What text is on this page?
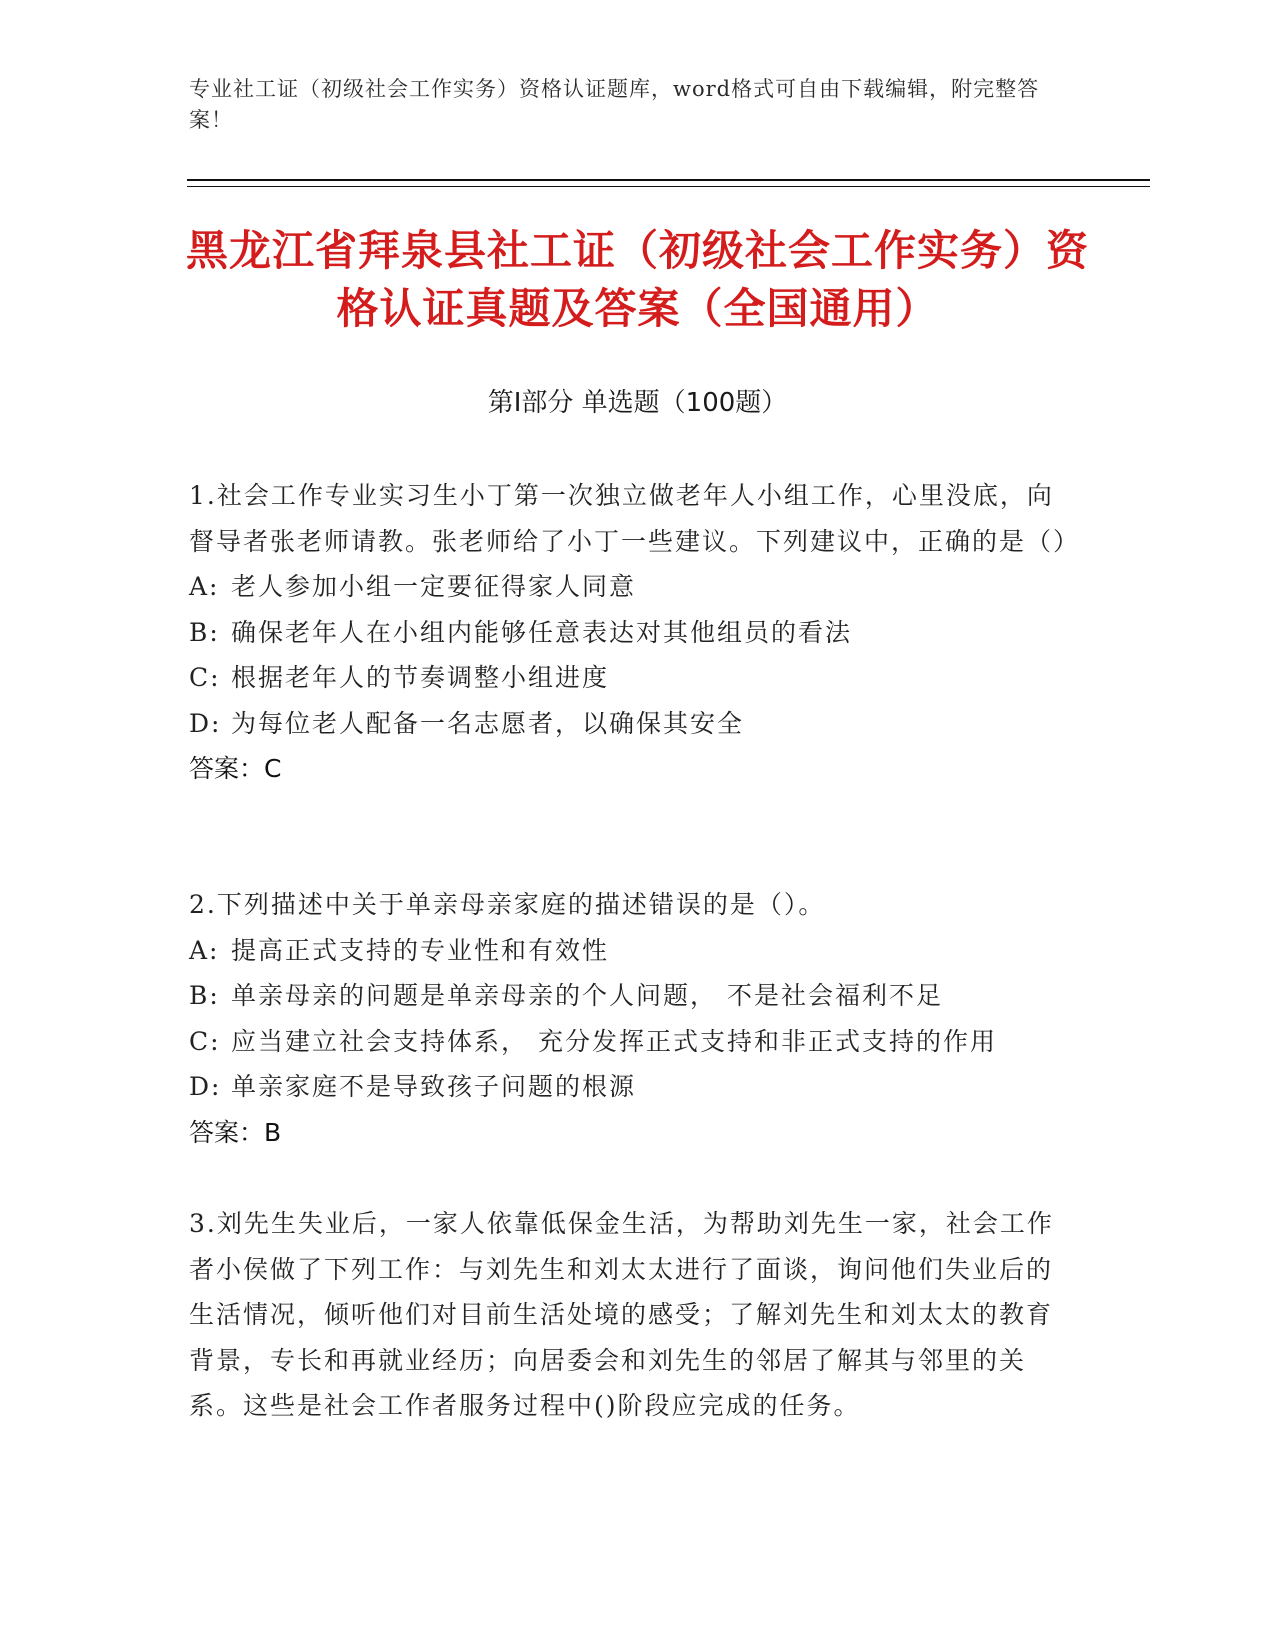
专业社工证（初级社会工作实务）资格认证题库，word格式可自由下载编辑，附完整答案！
黑龙江省拜泉县社工证（初级社会工作实务）资格认证真题及答案（全国通用）
第Ⅰ部分 单选题（100题）
1.社会工作专业实习生小丁第一次独立做老年人小组工作，心里没底，向督导者张老师请教。张老师给了小丁一些建议。下列建议中，正确的是（）
A: 老人参加小组一定要征得家人同意
B: 确保老年人在小组内能够任意表达对其他组员的看法
C: 根据老年人的节奏调整小组进度
D: 为每位老人配备一名志愿者，以确保其安全
答案：C
2.下列描述中关于单亲母亲家庭的描述错误的是（）。
A: 提高正式支持的专业性和有效性
B: 单亲母亲的问题是单亲母亲的个人问题， 不是社会福利不足
C: 应当建立社会支持体系， 充分发挥正式支持和非正式支持的作用
D: 单亲家庭不是导致孩子问题的根源
答案：B
3.刘先生失业后，一家人依靠低保金生活，为帮助刘先生一家，社会工作者小侯做了下列工作：与刘先生和刘太太进行了面谈，询问他们失业后的生活情况，倾听他们对目前生活处境的感受；了解刘先生和刘太太的教育背景，专长和再就业经历；向居委会和刘先生的邻居了解其与邻里的关系。这些是社会工作者服务过程中()阶段应完成的任务。
